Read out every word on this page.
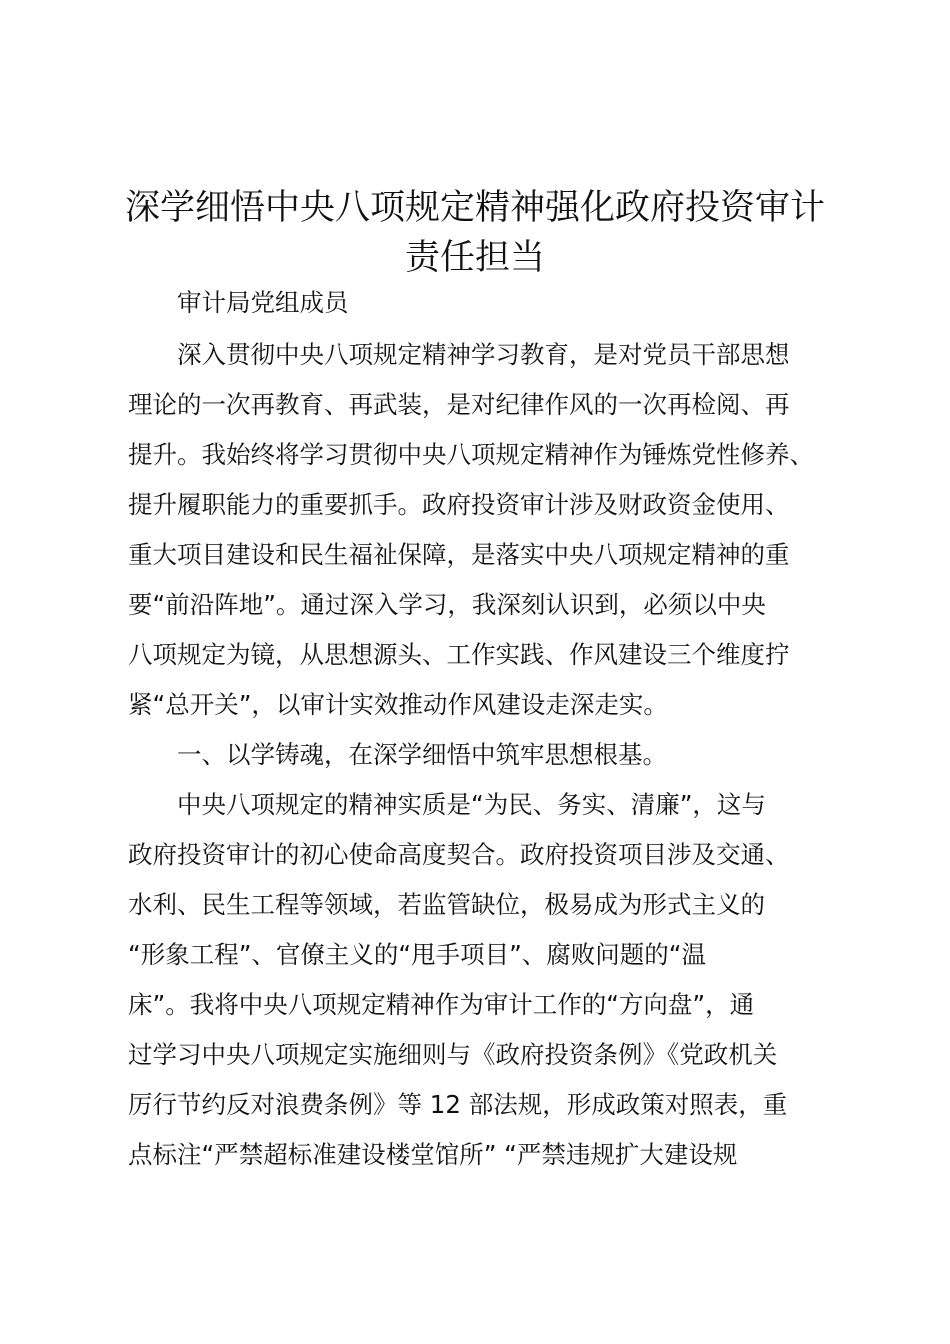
深学细悟中央八项规定精神强化政府投资审计
责任担当

审计局党组成员

深入贯彻中央八项规定精神学习教育，是对党员干部思想

理论的一次再教育、再武装，是对纪律作风的一次再检阅、再

提升。我始终将学习贯彻中央八项规定精神作为锤炼党性修养、

提升履职能力的重要抓手。政府投资审计涉及财政资金使用、

重大项目建设和民生福祉保障，是落实中央八项规定精神的重

要“前沿阵地”。通过深入学习，我深刻认识到，必须以中央

八项规定为镜，从思想源头、工作实践、作风建设三个维度拧

紧“总开关”，以审计实效推动作风建设走深走实。

一、以学铸魂，在深学细悟中筑牢思想根基。

中央八项规定的精神实质是“为民、务实、清廉”，这与

政府投资审计的初心使命高度契合。政府投资项目涉及交通、

水利、民生工程等领域，若监管缺位，极易成为形式主义的

“形象工程”、官僚主义的“甩手项目”、腐败问题的“温

床”。我将中央八项规定精神作为审计工作的“方向盘”，通

过学习中央八项规定实施细则与《政府投资条例》《党政机关

厉行节约反对浪费条例》等 12 部法规，形成政策对照表，重

点标注“严禁超标准建设楼堂馆所” “严禁违规扩大建设规
